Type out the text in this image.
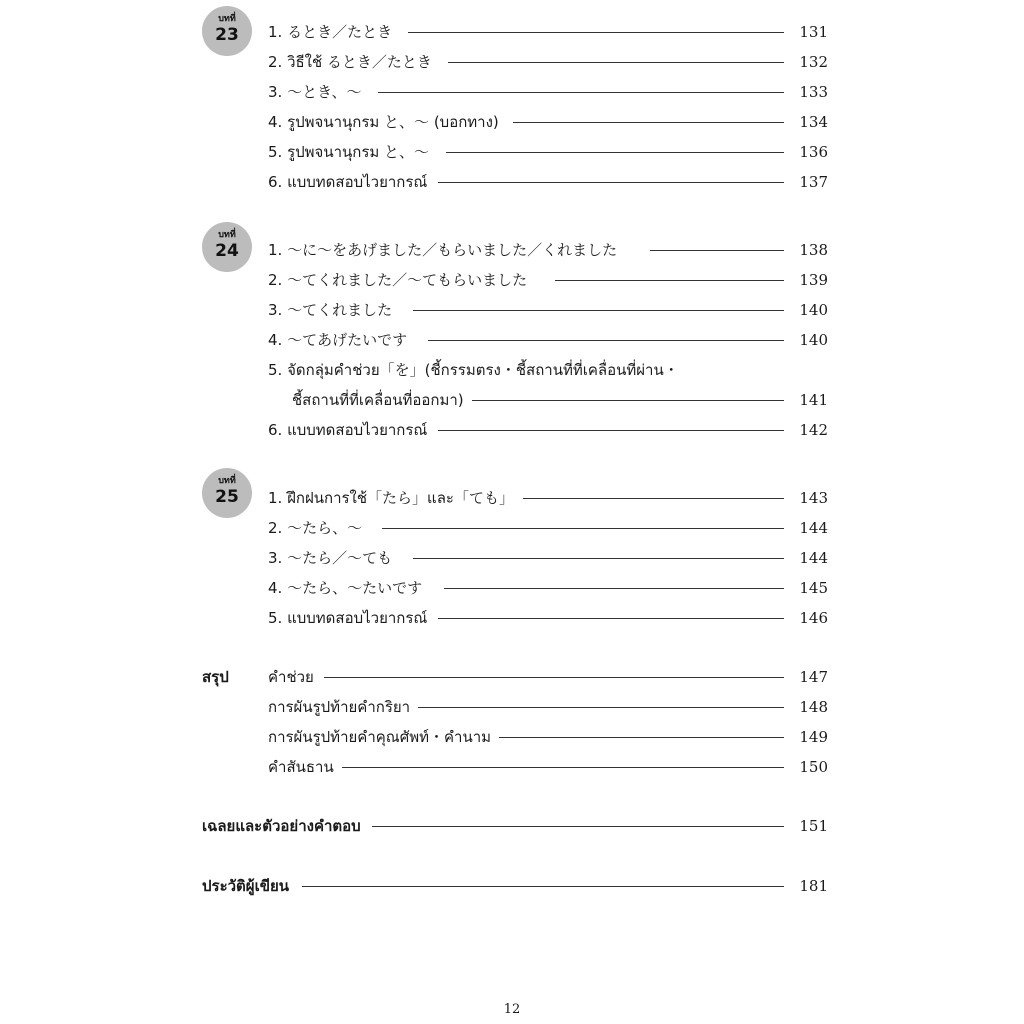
บทที่
23	1. るとき／たとき	131
2. วิธีใช้ るとき／たとき	132
3. ～とき、～	133
4. รูปพจนานุกรม と、～ (บอกทาง)	134
5. รูปพจนานุกรม と、～	136
6. แบบทดสอบไวยากรณ์	137
บทที่
24	1. ～に～をあげました／もらいました／くれました	138
2. ～てくれました／～てもらいました	139
3. ～てくれました	140
4. ～てあげたいです	140
5. จัดกลุ่มคำช่วย「を」(ชี้กรรมตรง・ชี้สถานที่ที่เคลื่อนที่ผ่าน・
ชี้สถานที่ที่เคลื่อนที่ออกมา)	141
6. แบบทดสอบไวยากรณ์	142
บทที่
25	1. ฝึกฝนการใช้「たら」และ「ても」	143
2. ～たら、～	144
3. ～たら／～ても	144
4. ～たら、～たいです	145
5. แบบทดสอบไวยากรณ์	146
สรุป	คำช่วย	147
การผันรูปท้ายคำกริยา	148
การผันรูปท้ายคำคุณศัพท์・คำนาม	149
คำสันธาน	150
เฉลยและตัวอย่างคำตอบ	151
ประวัติผู้เขียน	181
12
